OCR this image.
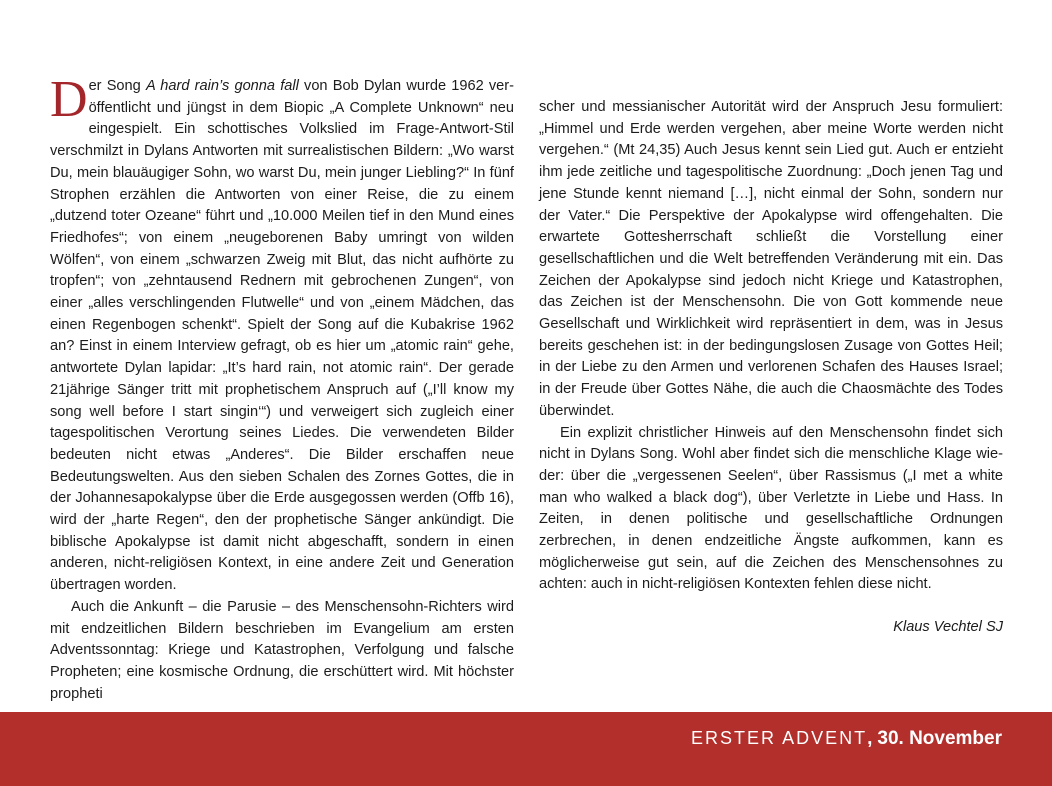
Der Song A hard rain’s gonna fall von Bob Dylan wurde 1962 veröffentlicht und jüngst in dem Biopic „A Complete Unknown“ neu eingespielt. Ein schottisches Volkslied im Frage-Antwort-Stil verschmilzt in Dylans Antworten mit surrealistischen Bildern: „Wo warst Du, mein blauäugiger Sohn, wo warst Du, mein junger Liebling?“ In fünf Strophen erzählen die Antworten von einer Reise, die zu einem „dutzend toter Ozeane“ führt und „10.000 Meilen tief in den Mund eines Friedhofes“; von einem „neugeborenen Baby umringt von wilden Wölfen“, von einem „schwarzen Zweig mit Blut, das nicht aufhörte zu tropfen“; von „zehntausend Rednern mit gebrochenen Zungen“, von einer „alles verschlingenden Flutwelle“ und von „einem Mädchen, das einen Regenbogen schenkt“. Spielt der Song auf die Kubakrise 1962 an? Einst in einem Interview gefragt, ob es hier um „atomic rain“ gehe, antwortete Dylan lapidar: „It’s hard rain, not atomic rain“. Der gerade 21jährige Sänger tritt mit prophetischem Anspruch auf („I’ll know my song well before I start singin‘“) und verweigert sich zugleich einer tagespolitischen Verortung seines Liedes. Die verwendeten Bilder bedeuten nicht etwas „Anderes“. Die Bilder erschaffen neue Bedeutungswelten. Aus den sieben Schalen des Zornes Gottes, die in der Johannesapokalypse über die Erde ausgegossen werden (Offb 16), wird der „harte Regen“, den der prophetische Sänger ankündigt. Die biblische Apokalypse ist damit nicht abgeschafft, sondern in einen anderen, nicht-religiösen Kontext, in eine andere Zeit und Generation übertragen worden.

Auch die Ankunft – die Parusie – des Menschensohn-Richters wird mit endzeitlichen Bildern beschrieben im Evangelium am ersten Adventssonntag: Kriege und Katastrophen, Verfolgung und falsche Propheten; eine kosmische Ordnung, die erschüttert wird. Mit höchster propheti

scher und messianischer Autorität wird der Anspruch Jesu formuliert: „Himmel und Erde werden vergehen, aber meine Worte werden nicht vergehen.“ (Mt 24,35) Auch Jesus kennt sein Lied gut. Auch er entzieht ihm jede zeitliche und tagespolitische Zuordnung: „Doch jenen Tag und jene Stunde kennt niemand […], nicht einmal der Sohn, sondern nur der Vater.“ Die Perspektive der Apokalypse wird offengehalten. Die erwartete Gottesherrschaft schließt die Vorstellung einer gesellschaftlichen und die Welt betreffenden Veränderung mit ein. Das Zeichen der Apokalypse sind jedoch nicht Kriege und Katastrophen, das Zeichen ist der Menschensohn. Die von Gott kommende neue Gesellschaft und Wirklichkeit wird repräsentiert in dem, was in Jesus bereits geschehen ist: in der bedingungslosen Zusage von Gottes Heil; in der Liebe zu den Armen und verlorenen Schafen des Hauses Israel; in der Freude über Gottes Nähe, die auch die Chaosmächte des Todes überwindet.

Ein explizit christlicher Hinweis auf den Menschensohn findet sich nicht in Dylans Song. Wohl aber findet sich die menschliche Klage wieder: über die „vergessenen Seelen“, über Rassismus („I met a white man who walked a black dog“), über Verletzte in Liebe und Hass. In Zeiten, in denen politische und gesellschaftliche Ordnungen zerbrechen, in denen endzeitliche Ängste aufkommen, kann es möglicherweise gut sein, auf die Zeichen des Menschensohnes zu achten: auch in nicht-religiösen Kontexten fehlen diese nicht.

Klaus Vechtel SJ

ERSTER ADVENT, 30. November
